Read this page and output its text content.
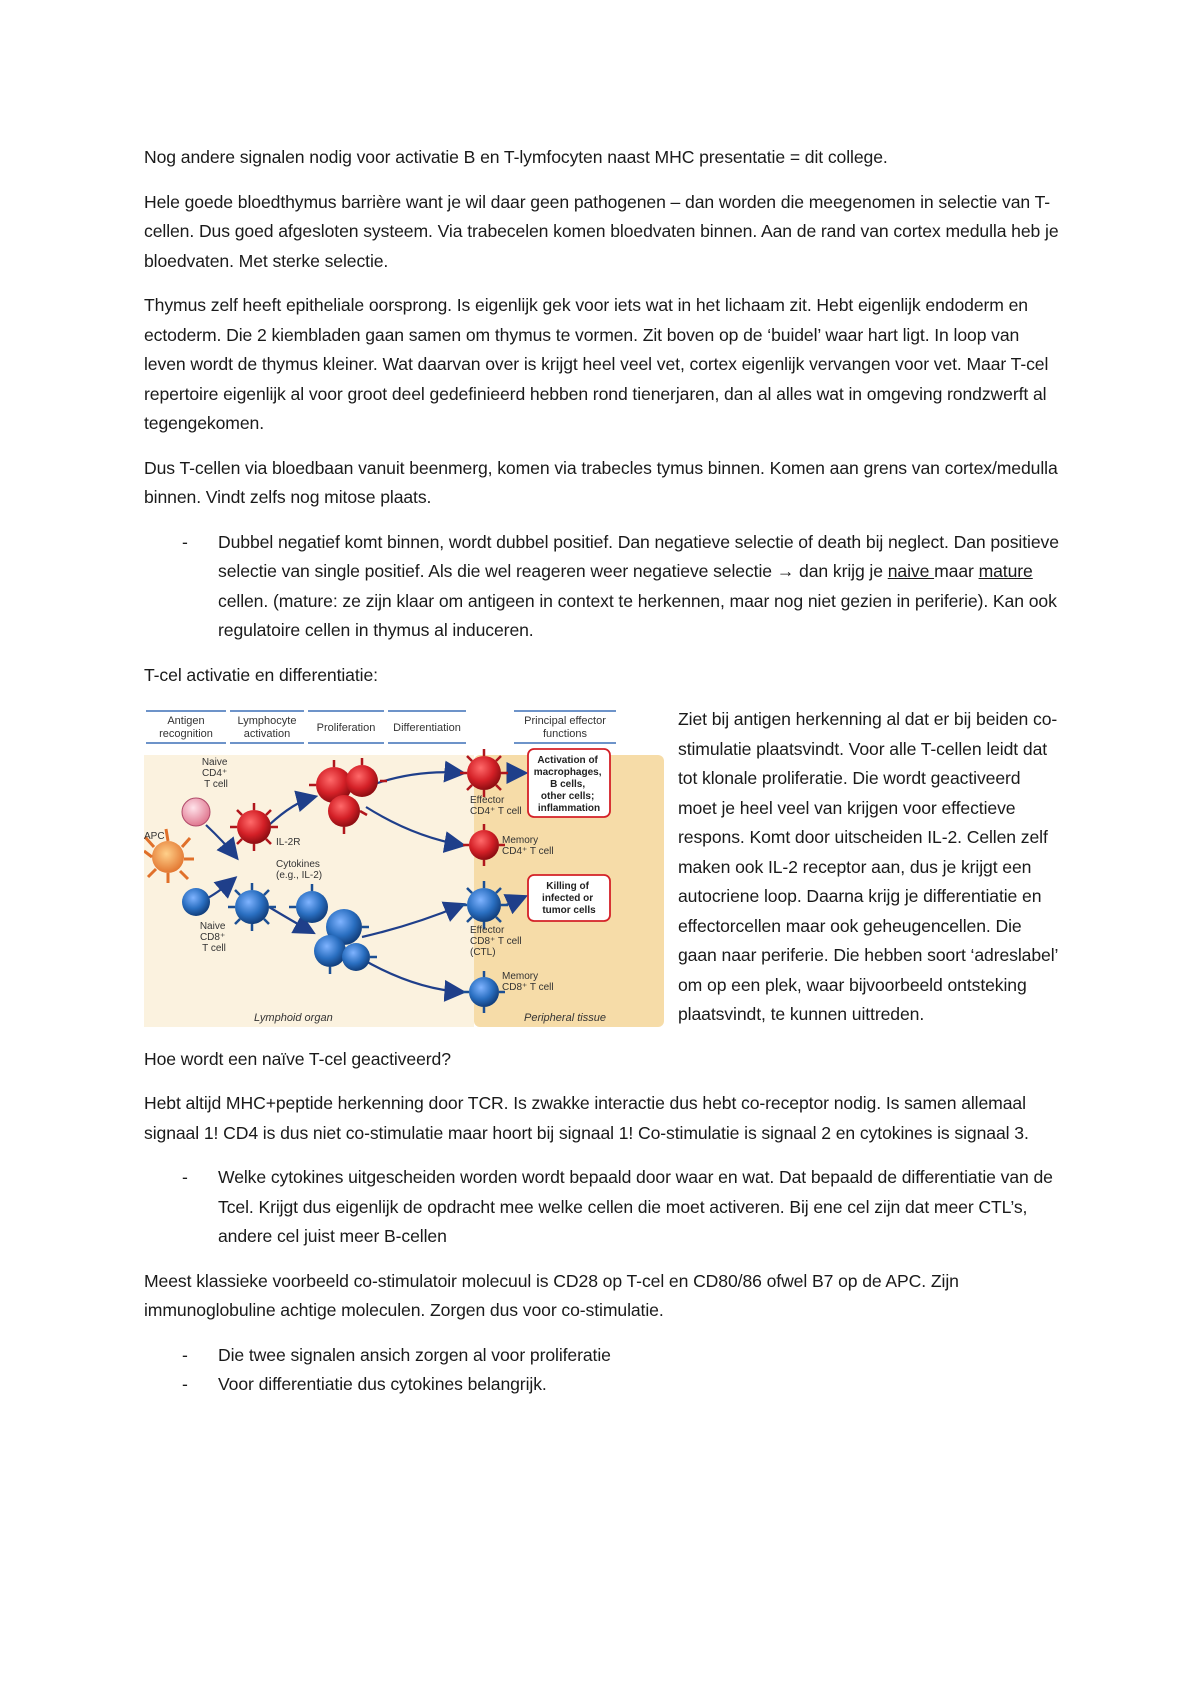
Nog andere signalen nodig voor activatie B en T-lymfocyten naast MHC presentatie = dit college.

Hele goede bloedthymus barrière want je wil daar geen pathogenen – dan worden die meegenomen in selectie van T-cellen. Dus goed afgesloten systeem. Via trabecelen komen bloedvaten binnen. Aan de rand van cortex medulla heb je bloedvaten. Met sterke selectie.

Thymus zelf heeft epitheliale oorsprong. Is eigenlijk gek voor iets wat in het lichaam zit. Hebt eigenlijk endoderm en ectoderm. Die 2 kiembladen gaan samen om thymus te vormen. Zit boven op de ‘buidel’ waar hart ligt. In loop van leven wordt de thymus kleiner. Wat daarvan over is krijgt heel veel vet, cortex eigenlijk vervangen voor vet. Maar T-cel repertoire eigenlijk al voor groot deel gedefinieerd hebben rond tienerjaren, dan al alles wat in omgeving rondzwerft al tegengekomen.

Dus T-cellen via bloedbaan vanuit beenmerg, komen via trabecles tymus binnen. Komen aan grens van cortex/medulla binnen. Vindt zelfs nog mitose plaats.

- Dubbel negatief komt binnen, wordt dubbel positief. Dan negatieve selectie of death bij neglect. Dan positieve selectie van single positief. Als die wel reageren weer negatieve selectie → dan krijg je naive maar mature cellen. (mature: ze zijn klaar om antigeen in context te herkennen, maar nog niet gezien in periferie). Kan ook regulatoire cellen in thymus al induceren.

T-cel activatie en differentiatie:

Antigen recognition
Lymphocyte activation	Proliferation Differentiation
Principal effector functions
Activation of macrophages, B cells, other cells; inflammation
Killing of infected or tumor cells
Naive CD4⁺ T cell
APC
Naive CD8⁺ T cell
IL-2R
Cytokines (e.g., IL-2)
Effector CD4⁺ T cell
Memory CD4⁺ T cell
Effector CD8⁺ T cell (CTL)
Memory CD8⁺ T cell
Lymphoid organ	Peripheral tissue

Ziet bij antigen herkenning al dat er bij beiden co-stimulatie plaatsvindt. Voor alle T-cellen leidt dat tot klonale proliferatie. Die wordt geactiveerd moet je heel veel van krijgen voor effectieve respons. Komt door uitscheiden IL-2. Cellen zelf maken ook IL-2 receptor aan, dus je krijgt een autocriene loop. Daarna krijg je differentiatie en effectorcellen maar ook geheugencellen. Die gaan naar periferie. Die hebben soort ‘adreslabel’ om op een plek, waar bijvoorbeeld ontsteking plaatsvindt, te kunnen uittreden.

Hoe wordt een naïve T-cel geactiveerd?

Hebt altijd MHC+peptide herkenning door TCR. Is zwakke interactie dus hebt co-receptor nodig. Is samen allemaal signaal 1! CD4 is dus niet co-stimulatie maar hoort bij signaal 1! Co-stimulatie is signaal 2 en cytokines is signaal 3.

- Welke cytokines uitgescheiden worden wordt bepaald door waar en wat. Dat bepaald de differentiatie van de Tcel. Krijgt dus eigenlijk de opdracht mee welke cellen die moet activeren. Bij ene cel zijn dat meer CTL’s, andere cel juist meer B-cellen

Meest klassieke voorbeeld co-stimulatoir molecuul is CD28 op T-cel en CD80/86 ofwel B7 op de APC. Zijn immunoglobuline achtige moleculen. Zorgen dus voor co-stimulatie.

- Die twee signalen ansich zorgen al voor proliferatie
- Voor differentiatie dus cytokines belangrijk.
